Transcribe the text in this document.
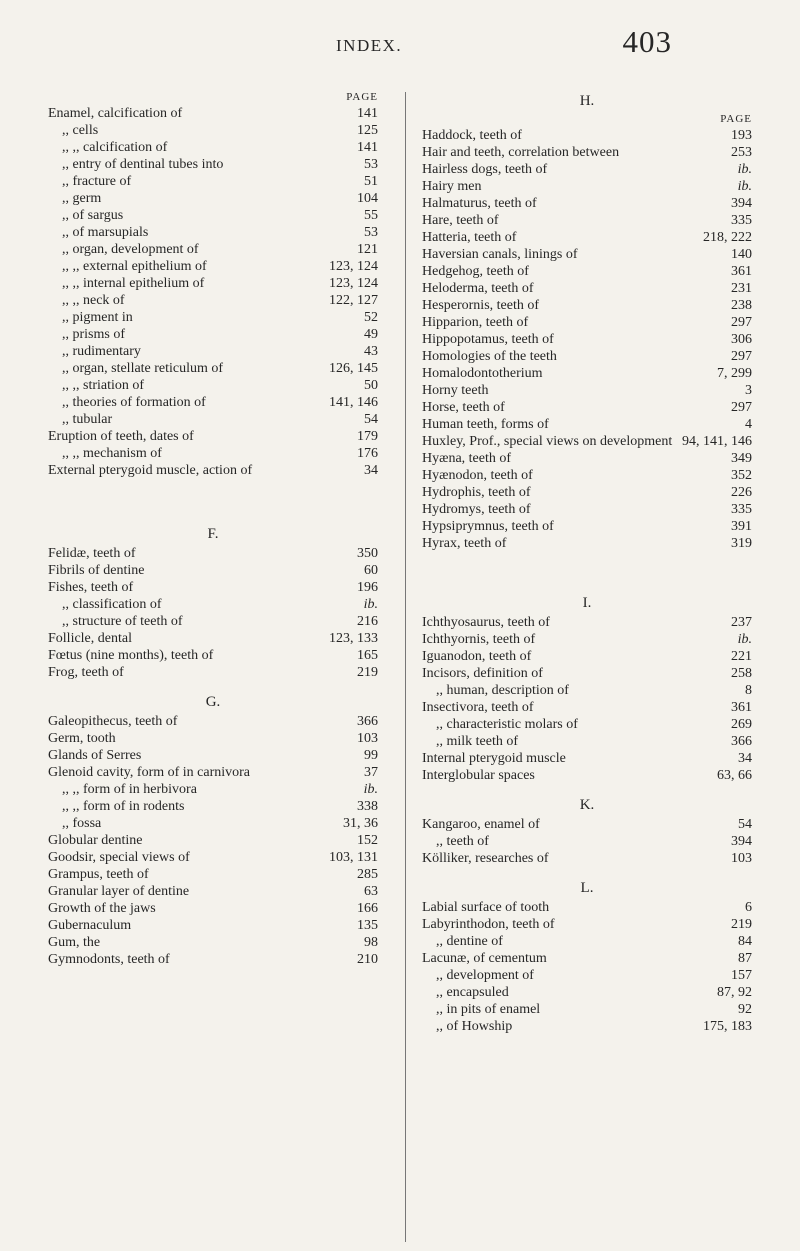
INDEX.	403
PAGE
Enamel, calcification of	141
,, cells	125
,, ,, calcification of	141
,, entry of dentinal tubes into	53
,, fracture of	51
,, germ	104
,, of sargus	55
,, of marsupials	53
,, organ, development of	121
,, ,, external epithelium of	123, 124
,, ,, internal epithelium of	123, 124
,, ,, neck of	122, 127
,, pigment in	52
,, prisms of	49
,, rudimentary	43
,, organ, stellate reticulum of	126, 145
,, ,, striation of	50
,, theories of formation of	141, 146
,, tubular	54
Eruption of teeth, dates of	179
,, ,, mechanism of	176
External pterygoid muscle, action of	34
F.
Felidæ, teeth of	350
Fibrils of dentine	60
Fishes, teeth of	196
,, classification of	ib.
,, structure of teeth of	216
Follicle, dental	123, 133
Fœtus (nine months), teeth of	165
Frog, teeth of	219
G.
Galeopithecus, teeth of	366
Germ, tooth	103
Glands of Serres	99
Glenoid cavity, form of in carnivora	37
,, ,, form of in herbivora	ib.
,, ,, form of in rodents	338
,, fossa	31, 36
Globular dentine	152
Goodsir, special views of	103, 131
Grampus, teeth of	285
Granular layer of dentine	63
Growth of the jaws	166
Gubernaculum	135
Gum, the	98
Gymnodonts, teeth of	210
H.
PAGE
Haddock, teeth of	193
Hair and teeth, correlation between	253
Hairless dogs, teeth of	ib.
Hairy men	ib.
Halmaturus, teeth of	394
Hare, teeth of	335
Hatteria, teeth of	218, 222
Haversian canals, linings of	140
Hedgehog, teeth of	361
Heloderma, teeth of	231
Hesperornis, teeth of	238
Hipparion, teeth of	297
Hippopotamus, teeth of	306
Homologies of the teeth	297
Homalodontotherium	7, 299
Horny teeth	3
Horse, teeth of	297
Human teeth, forms of	4
Huxley, Prof., special views on development 94, 141, 146
Hyæna, teeth of	349
Hyænodon, teeth of	352
Hydrophis, teeth of	226
Hydromys, teeth of	335
Hypsiprymnus, teeth of	391
Hyrax, teeth of	319
I.
Ichthyosaurus, teeth of	237
Ichthyornis, teeth of	ib.
Iguanodon, teeth of	221
Incisors, definition of	258
,, human, description of	8
Insectivora, teeth of	361
,, characteristic molars of	269
,, milk teeth of	366
Internal pterygoid muscle	34
Interglobular spaces	63, 66
K.
Kangaroo, enamel of	54
,, teeth of	394
Kölliker, researches of	103
L.
Labial surface of tooth	6
Labyrinthodon, teeth of	219
,, dentine of	84
Lacunæ, of cementum	87
,, development of	157
,, encapsuled	87, 92
,, in pits of enamel	92
,, of Howship	175, 183
